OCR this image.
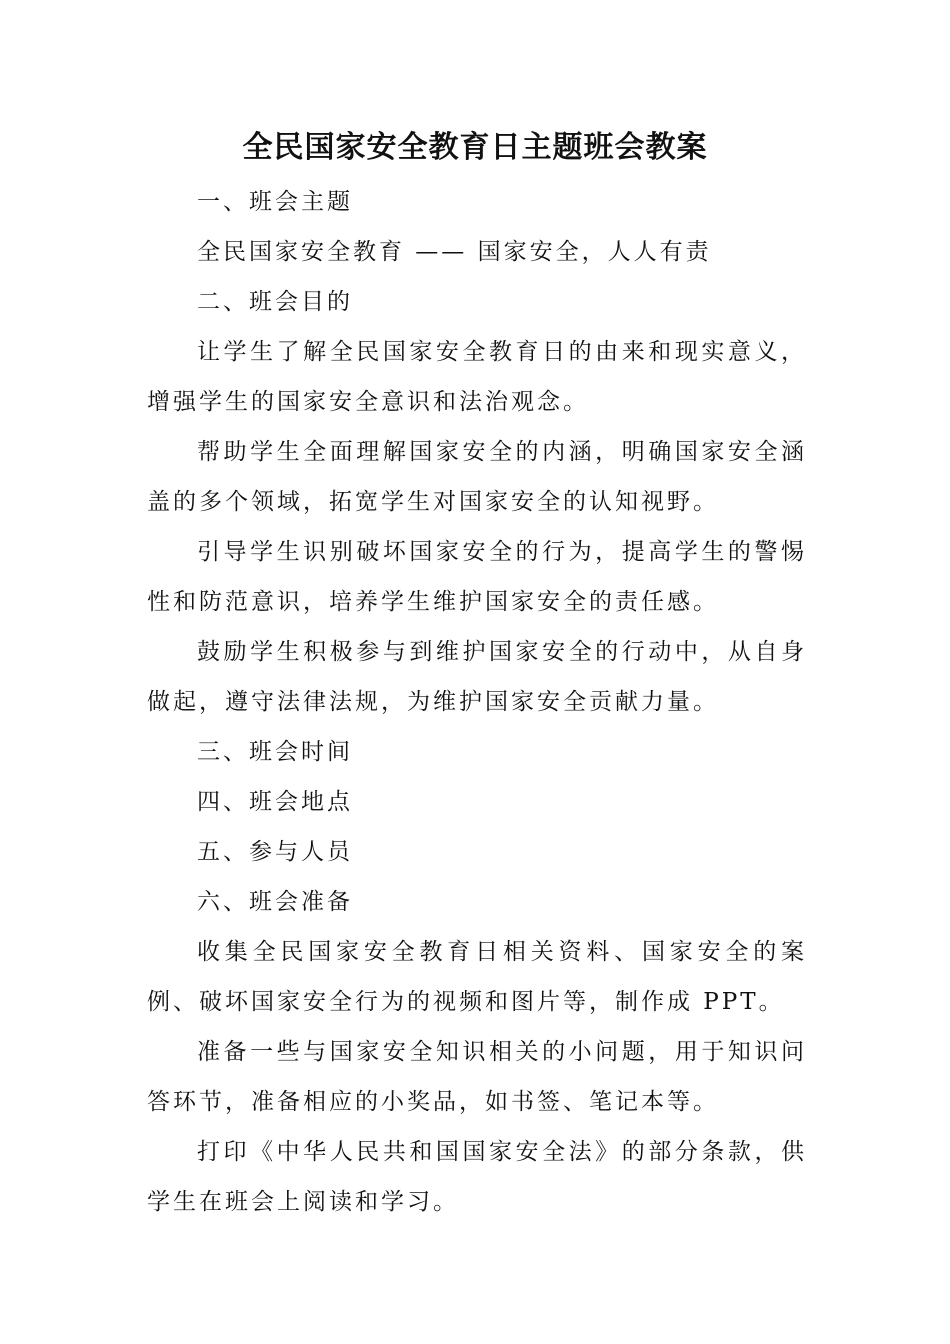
全民国家安全教育日主题班会教案

一、班会主题

全民国家安全教育 —— 国家安全，人人有责

二、班会目的

让学生了解全民国家安全教育日的由来和现实意义，增强学生的国家安全意识和法治观念。

帮助学生全面理解国家安全的内涵，明确国家安全涵盖的多个领域，拓宽学生对国家安全的认知视野。

引导学生识别破坏国家安全的行为，提高学生的警惕性和防范意识，培养学生维护国家安全的责任感。

鼓励学生积极参与到维护国家安全的行动中，从自身做起，遵守法律法规，为维护国家安全贡献力量。

三、班会时间

四、班会地点

五、参与人员

六、班会准备

收集全民国家安全教育日相关资料、国家安全的案例、破坏国家安全行为的视频和图片等，制作成 PPT。

准备一些与国家安全知识相关的小问题，用于知识问答环节，准备相应的小奖品，如书签、笔记本等。

打印《中华人民共和国国家安全法》的部分条款，供学生在班会上阅读和学习。
